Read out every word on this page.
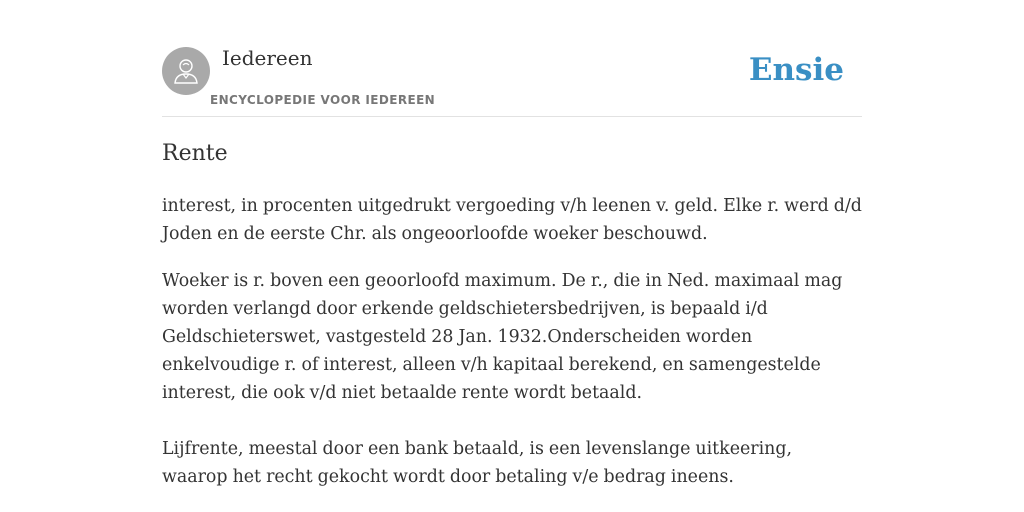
Iedereen
ENCYCLOPEDIE VOOR IEDEREEN
Ensie
Rente

interest, in procenten uitgedrukt vergoeding v/h leenen v. geld. Elke r. werd d/d Joden en de eerste Chr. als ongeoorloofde woeker beschouwd.

Woeker is r. boven een geoorloofd maximum. De r., die in Ned. maximaal mag worden verlangd door erkende geldschietersbedrijven, is bepaald i/d Geldschieterswet, vastgesteld 28 Jan. 1932.Onderscheiden worden enkelvoudige r. of interest, alleen v/h kapitaal berekend, en samengestelde interest, die ook v/d niet betaalde rente wordt betaald.

Lijfrente, meestal door een bank betaald, is een levenslange uitkeering, waarop het recht gekocht wordt door betaling v/e bedrag ineens.
